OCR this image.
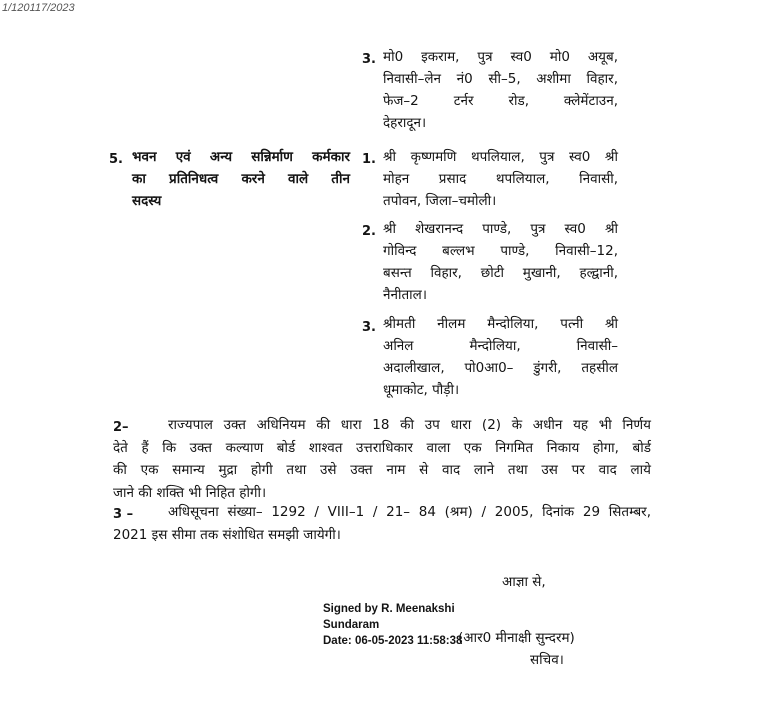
1/120117/2023
3. मो0 इकराम, पुत्र स्व0 मो0 अयूब,
निवासी–लेन नं0 सी–5, अशीमा विहार,
फेज–2 टर्नर रोड, क्लेमेंटाउन,
देहरादून।
5. भवन एवं अन्य सन्निर्माण कर्मकार
का प्रतिनिधत्व करने वाले तीन
सदस्य
1. श्री कृष्णमणि थपलियाल, पुत्र स्व0 श्री
मोहन प्रसाद थपलियाल, निवासी,
तपोवन, जिला–चमोली।
2. श्री शेखरानन्द पाण्डे, पुत्र स्व0 श्री
गोविन्द बल्लभ पाण्डे, निवासी–12,
बसन्त विहार, छोटी मुखानी, हल्द्वानी,
नैनीताल।
3. श्रीमती नीलम मैन्दोलिया, पत्नी श्री
अनिल मैन्दोलिया, निवासी–
अदालीखाल, पो0आ0– डुंगरी, तहसील
धूमाकोट, पौड़ी।
2–	राज्यपाल उक्त अधिनियम की धारा 18 की उप धारा (2) के अधीन यह भी निर्णय
देते हैं कि उक्त कल्याण बोर्ड शाश्वत उत्तराधिकार वाला एक निगमित निकाय होगा, बोर्ड
की एक समान्य मुद्रा होगी तथा उसे उक्त नाम से वाद लाने तथा उस पर वाद लाये
जाने की शक्ति भी निहित होगी।
3 –	अधिसूचना संख्या– 1292 / VIII–1 / 21– 84 (श्रम) / 2005, दिनांक 29 सितम्बर,
2021 इस सीमा तक संशोधित समझी जायेगी।
आज्ञा से,
Signed by R. Meenakshi
Sundaram
Date: 06-05-2023 11:58:38
(आर0 मीनाक्षी सुन्दरम)
सचिव।
